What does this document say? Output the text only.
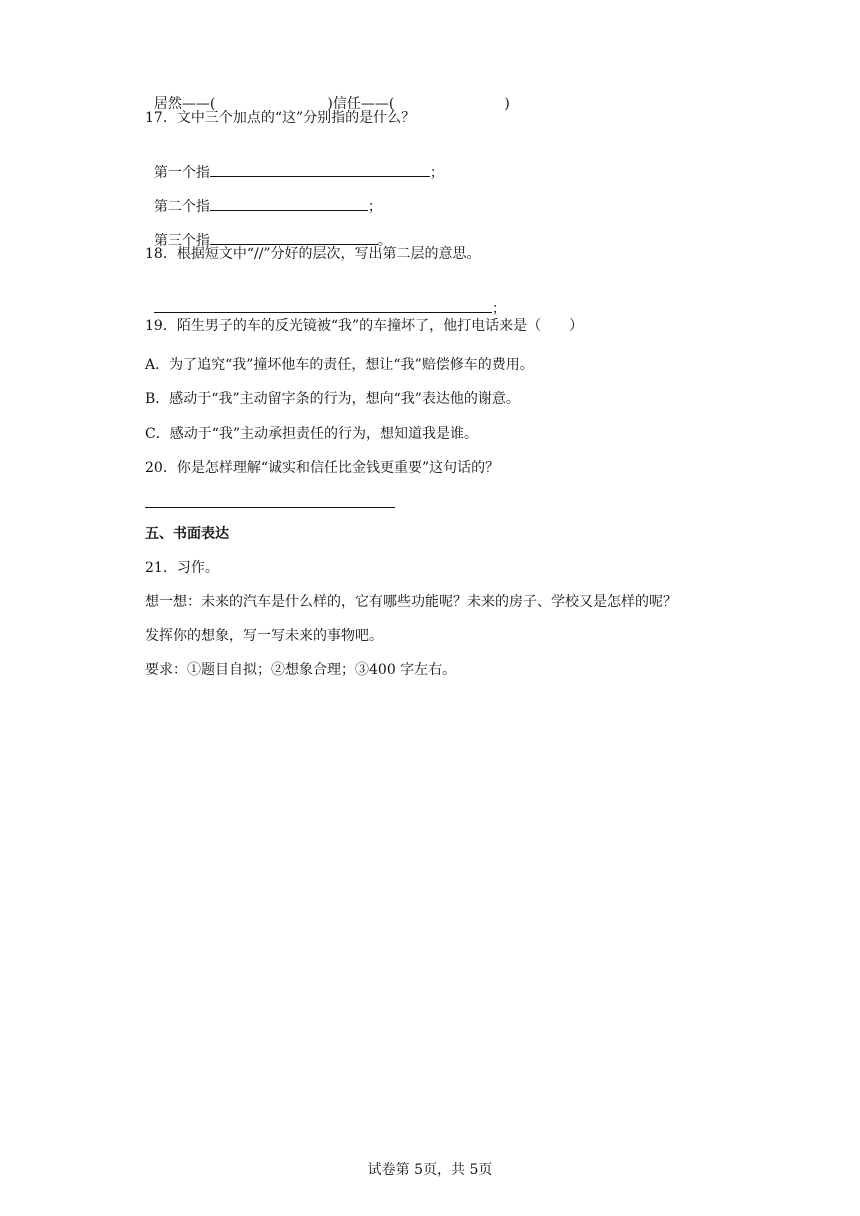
居然——(	)信任——(	)

17．文中三个加点的“这”分别指的是什么？

第一个指	；

第二个指	；

第三个指	。

18．根据短文中“//”分好的层次，写出第二层的意思。

；

19．陌生男子的车的反光镜被“我”的车撞坏了，他打电话来是（　　）
A．为了追究“我”撞坏他车的责任，想让“我”赔偿修车的费用。
B．感动于“我”主动留字条的行为，想向“我”表达他的谢意。
C．感动于“我”主动承担责任的行为，想知道我是谁。
20．你是怎样理解“诚实和信任比金钱更重要”这句话的？
五、书面表达
21．习作。
想一想：未来的汽车是什么样的，它有哪些功能呢？未来的房子、学校又是怎样的呢？
发挥你的想象，写一写未来的事物吧。
要求：①题目自拟；②想象合理；③400 字左右。
试卷第 5页，共 5页
